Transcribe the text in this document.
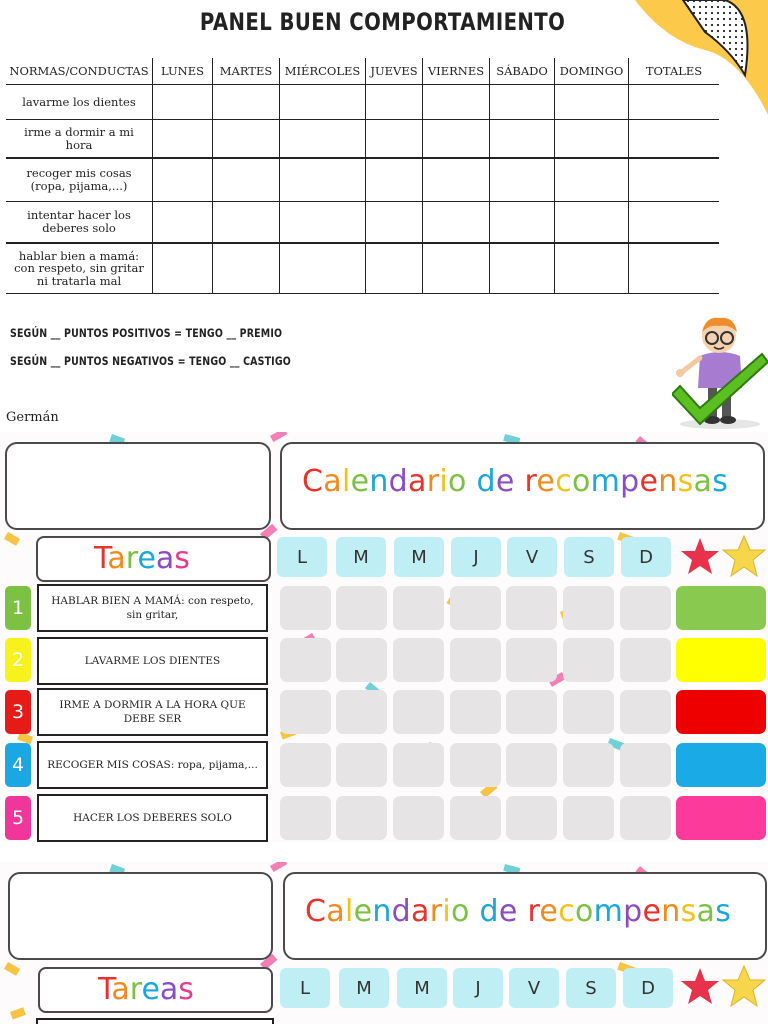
PANEL BUEN COMPORTAMIENTO
NORMAS/CONDUCTAS	LUNES	MARTES	MIÉRCOLES	JUEVES	VIERNES	SÁBADO	DOMINGO	TOTALES
lavarme los dientes								
irme a dormir a mi hora								
recoger mis cosas (ropa, pijama,...)								
intentar hacer los deberes solo								
hablar bien a mamá: con respeto, sin gritar ni tratarla mal								
SEGÚN __ PUNTOS POSITIVOS = TENGO __ PREMIO
SEGÚN __ PUNTOS NEGATIVOS = TENGO __ CASTIGO
Germán
Calendario de recompensas
Tareas	L	M	M	J	V	S	D
1	HABLAR BIEN A MAMÁ: con respeto, sin gritar,
2	LAVARME LOS DIENTES
3	IRME A DORMIR A LA HORA QUE DEBE SER
4	RECOGER MIS COSAS: ropa, pijama,...
5	HACER LOS DEBERES SOLO
Calendario de recompensas
Tareas	L	M	M	J	V	S	D
